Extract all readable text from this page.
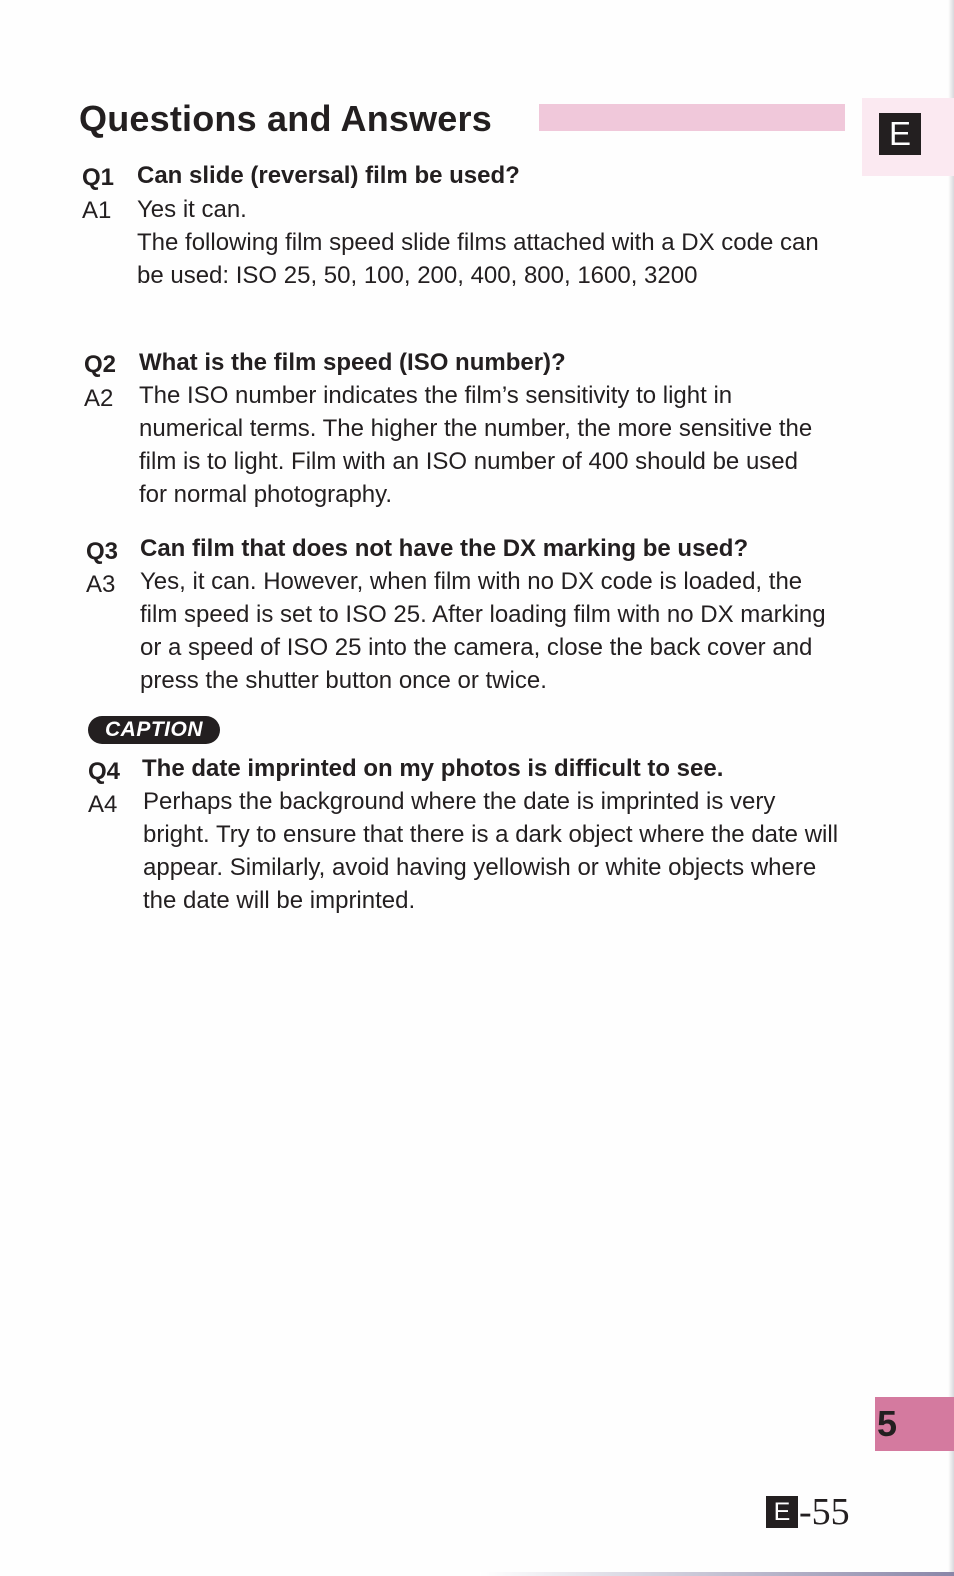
Questions and Answers	E
Q1 Can slide (reversal) film be used?
A1 Yes it can.

The following film speed slide films attached with a DX code can be used: ISO 25, 50, 100, 200, 400, 800, 1600, 3200

Q2 What is the film speed (ISO number)?
A2 The ISO number indicates the film’s sensitivity to light in numerical terms. The higher the number, the more sensitive the film is to light. Film with an ISO number of 400 should be used for normal photography.

Q3 Can film that does not have the DX marking be used?
A3 Yes, it can. However, when film with no DX code is loaded, the film speed is set to ISO 25. After loading film with no DX marking or a speed of ISO 25 into the camera, close the back cover and press the shutter button once or twice.

CAPTION
Q4 The date imprinted on my photos is difficult to see.
A4 Perhaps the background where the date is imprinted is very bright. Try to ensure that there is a dark object where the date will appear. Similarly, avoid having yellowish or white objects where the date will be imprinted.

5
E -55
